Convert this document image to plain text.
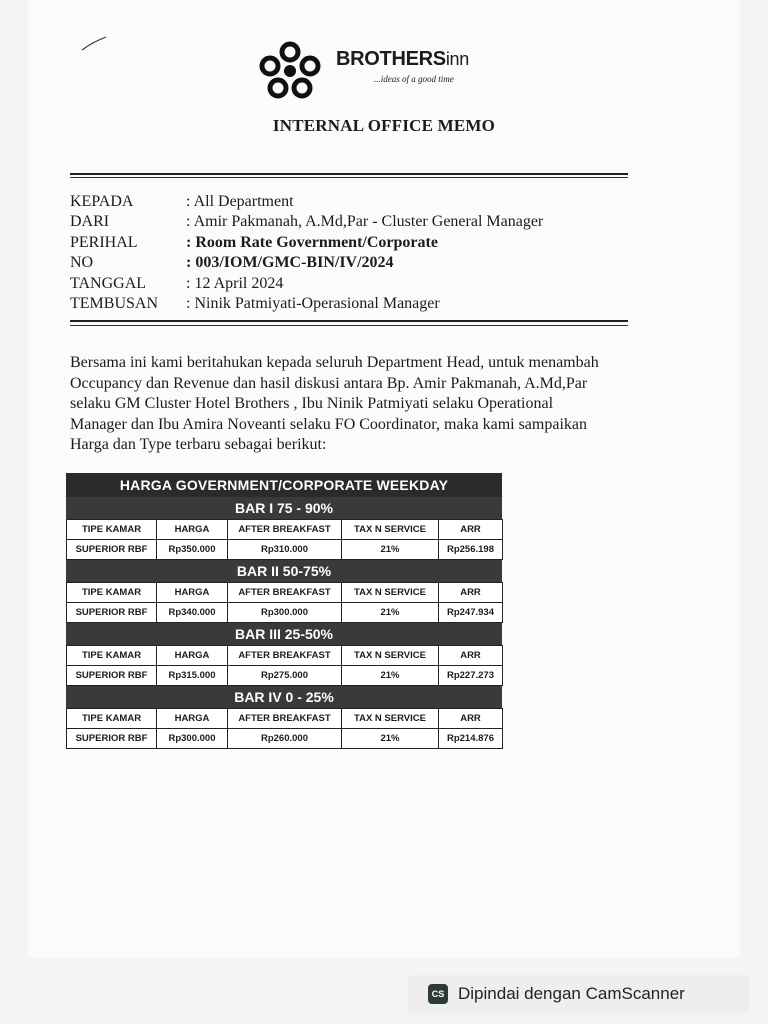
BROTHERSinn
...ideas of a good time
INTERNAL OFFICE MEMO
KEPADA	: All Department
DARI	: Amir Pakmanah, A.Md,Par - Cluster General Manager
PERIHAL	: Room Rate Government/Corporate
NO	: 003/IOM/GMC-BIN/IV/2024
TANGGAL	: 12 April 2024
TEMBUSAN	: Ninik Patmiyati-Operasional Manager
Bersama ini kami beritahukan kepada seluruh Department Head, untuk menambah
Occupancy dan Revenue dan hasil diskusi antara Bp. Amir Pakmanah, A.Md,Par
selaku GM Cluster Hotel Brothers , Ibu Ninik Patmiyati selaku Operational
Manager dan Ibu Amira Noveanti selaku FO Coordinator, maka kami sampaikan
Harga dan Type terbaru sebagai berikut:
HARGA GOVERNMENT/CORPORATE WEEKDAY
BAR I 75 - 90%
TIPE KAMAR	HARGA	AFTER BREAKFAST	TAX N SERVICE	ARR
SUPERIOR RBF	Rp350.000	Rp310.000	21%	Rp256.198
BAR II 50-75%
TIPE KAMAR	HARGA	AFTER BREAKFAST	TAX N SERVICE	ARR
SUPERIOR RBF	Rp340.000	Rp300.000	21%	Rp247.934
BAR III 25-50%
TIPE KAMAR	HARGA	AFTER BREAKFAST	TAX N SERVICE	ARR
SUPERIOR RBF	Rp315.000	Rp275.000	21%	Rp227.273
BAR IV 0 - 25%
TIPE KAMAR	HARGA	AFTER BREAKFAST	TAX N SERVICE	ARR
SUPERIOR RBF	Rp300.000	Rp260.000	21%	Rp214.876
CS Dipindai dengan CamScanner
